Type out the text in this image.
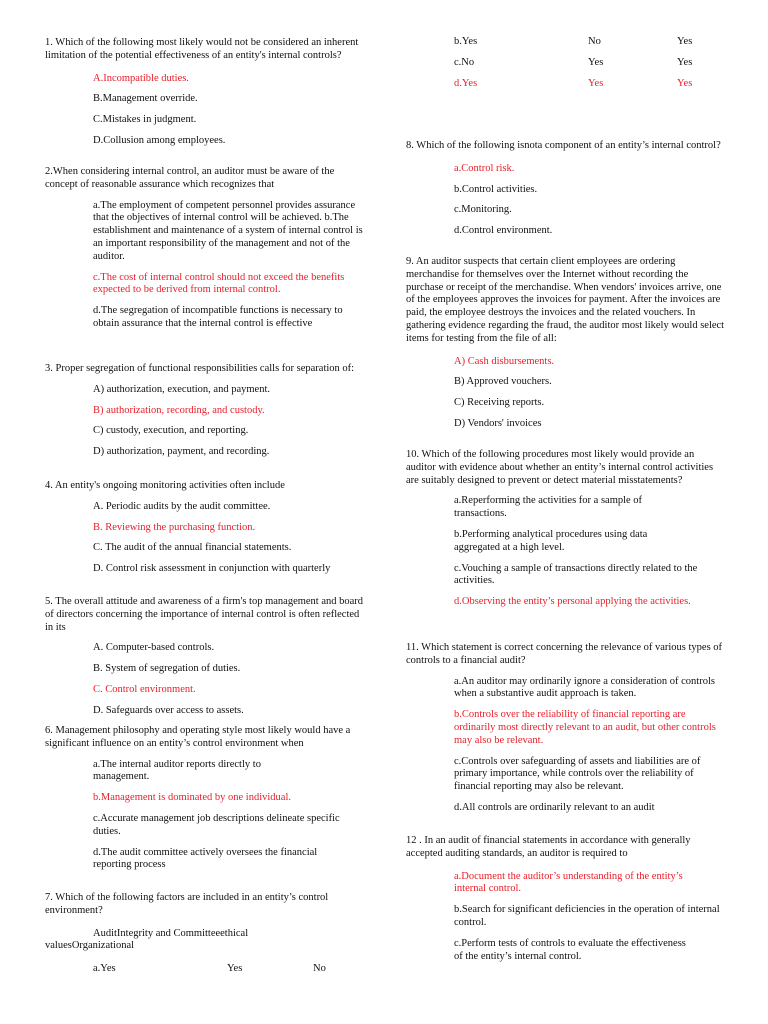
1. Which of the following most likely would not be considered an inherent limitation of the potential effectiveness of an entity's internal controls?

A.Incompatible duties.

B.Management override.

C.Mistakes in judgment.

D.Collusion among employees.

2.When considering internal control, an auditor must be aware of the concept of reasonable assurance which recognizes that

a.The employment of competent personnel provides assurance that the objectives of internal control will be achieved. b.The establishment and maintenance of a system of internal control is an important responsibility of the management and not of the auditor.

c.The cost of internal control should not exceed the benefits expected to be derived from internal control.

d.The segregation of incompatible functions is necessary to obtain assurance that the internal control is effective

3. Proper segregation of functional responsibilities calls for separation of:

A) authorization, execution, and payment.

B) authorization, recording, and custody.

C) custody, execution, and reporting.

D) authorization, payment, and recording.

4. An entity's ongoing monitoring activities often include

A. Periodic audits by the audit committee.

B. Reviewing the purchasing function.

C. The audit of the annual financial statements.

D. Control risk assessment in conjunction with quarterly

5. The overall attitude and awareness of a firm's top management and board of directors concerning the importance of internal control is often reflected in its

A. Computer-based controls.

B. System of segregation of duties.

C. Control environment.

D. Safeguards over access to assets.

6. Management philosophy and operating style most likely would have a significant influence on an entity’s control environment when

a.The internal auditor reports directly to management.

b.Management is dominated by one individual.

c.Accurate management job descriptions delineate specific duties.

d.The audit committee actively oversees the financial reporting process

7. Which of the following factors are included in an entity’s control environment?

AuditIntegrity and Committeeethical

valuesOrganizational

a.Yes	Yes	No
b.Yes	No	Yes
c.No	Yes	Yes
d.Yes	Yes	Yes

8. Which of the following isnota component of an entity’s internal control?

a.Control risk.

b.Control activities.

c.Monitoring.

d.Control environment.

9. An auditor suspects that certain client employees are ordering merchandise for themselves over the Internet without recording the purchase or receipt of the merchandise. When vendors' invoices arrive, one of the employees approves the invoices for payment. After the invoices are paid, the employee destroys the invoices and the related vouchers. In gathering evidence regarding the fraud, the auditor most likely would select items for testing from the file of all:

A) Cash disbursements.

B) Approved vouchers.

C) Receiving reports.

D) Vendors' invoices

10. Which of the following procedures most likely would provide an auditor with evidence about whether an entity’s internal control activities are suitably designed to prevent or detect material misstatements?

a.Reperforming the activities for a sample of transactions.

b.Performing analytical procedures using data aggregated at a high level.

c.Vouching a sample of transactions directly related to the activities.

d.Observing the entity’s personal applying the activities.

11. Which statement is correct concerning the relevance of various types of controls to a financial audit?

a.An auditor may ordinarily ignore a consideration of controls when a substantive audit approach is taken.

b.Controls over the reliability of financial reporting are ordinarily most directly relevant to an audit, but other controls may also be relevant.

c.Controls over safeguarding of assets and liabilities are of primary importance, while controls over the reliability of financial reporting may also be relevant.

d.All controls are ordinarily relevant to an audit

12 . In an audit of financial statements in accordance with generally accepted auditing standards, an auditor is required to

a.Document the auditor’s understanding of the entity’s internal control.

b.Search for significant deficiencies in the operation of internal control.

c.Perform tests of controls to evaluate the effectiveness of the entity’s internal control.
